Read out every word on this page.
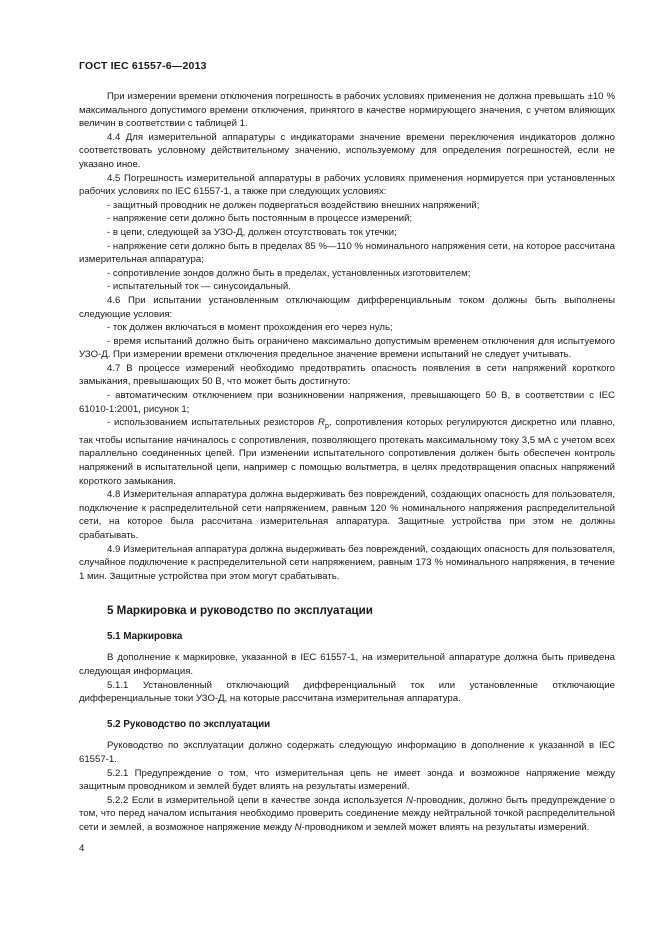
ГОСТ IEC 61557-6—2013

При измерении времени отключения погрешность в рабочих условиях применения не должна превышать ±10 % максимального допустимого времени отключения, принятого в качестве нормирующего значения, с учетом влияющих величин в соответствии с таблицей 1.

4.4 Для измерительной аппаратуры с индикаторами значение времени переключения индикаторов должно соответствовать условному действительному значению, используемому для определения погрешностей, если не указано иное.

4.5 Погрешность измерительной аппаратуры в рабочих условиях применения нормируется при установленных рабочих условиях по IEC 61557-1, а также при следующих условиях:

- защитный проводник не должен подвергаться воздействию внешних напряжений;

- напряжение сети должно быть постоянным в процессе измерений;

- в цепи, следующей за УЗО-Д, должен отсутствовать ток утечки;

- напряжение сети должно быть в пределах 85 %—110 % номинального напряжения сети, на которое рассчитана измерительная аппаратура;

- сопротивление зондов должно быть в пределах, установленных изготовителем;

- испытательный ток — синусоидальный.

4.6 При испытании установленным отключающим дифференциальным током должны быть выполнены следующие условия:

- ток должен включаться в момент прохождения его через нуль;

- время испытаний должно быть ограничено максимально допустимым временем отключения для испытуемого УЗО-Д. При измерении времени отключения предельное значение времени испытаний не следует учитывать.

4.7 В процессе измерений необходимо предотвратить опасность появления в сети напряжений короткого замыкания, превышающих 50 В, что может быть достигнуто:

- автоматическим отключением при возникновении напряжения, превышающего 50 В, в соответствии с IEC 61010-1:2001, рисунок 1;

- использованием испытательных резисторов $R_p$, сопротивления которых регулируются дискретно или плавно, так чтобы испытание начиналось с сопротивления, позволяющего протекать максимальному току 3,5 мА с учетом всех параллельно соединенных цепей. При изменении испытательного сопротивления должен быть обеспечен контроль напряжений в испытательной цепи, например с помощью вольтметра, в целях предотвращения опасных напряжений короткого замыкания.

4.8 Измерительная аппаратура должна выдерживать без повреждений, создающих опасность для пользователя, подключение к распределительной сети напряжением, равным 120 % номинального напряжения распределительной сети, на которое была рассчитана измерительная аппаратура. Защитные устройства при этом не должны срабатывать.

4.9 Измерительная аппаратура должна выдерживать без повреждений, создающих опасность для пользователя, случайное подключение к распределительной сети напряжением, равным 173 % номинального напряжения, в течение 1 мин. Защитные устройства при этом могут срабатывать.

5 Маркировка и руководство по эксплуатации
5.1 Маркировка

В дополнение к маркировке, указанной в IEC 61557-1, на измерительной аппаратуре должна быть приведена следующая информация.

5.1.1 Установленный отключающий дифференциальный ток или установленные отключающие дифференциальные токи УЗО-Д, на которые рассчитана измерительная аппаратура.

5.2 Руководство по эксплуатации

Руководство по эксплуатации должно содержать следующую информацию в дополнение к указанной в IEC 61557-1.

5.2.1 Предупреждение о том, что измерительная цепь не имеет зонда и возможное напряжение между защитным проводником и землей будет влиять на результаты измерений.

5.2.2 Если в измерительной цепи в качестве зонда используется N-проводник, должно быть предупреждение о том, что перед началом испытания необходимо проверить соединение между нейтральной точкой распределительной сети и землей, а возможное напряжение между N-проводником и землей может влиять на результаты измерений.

4
